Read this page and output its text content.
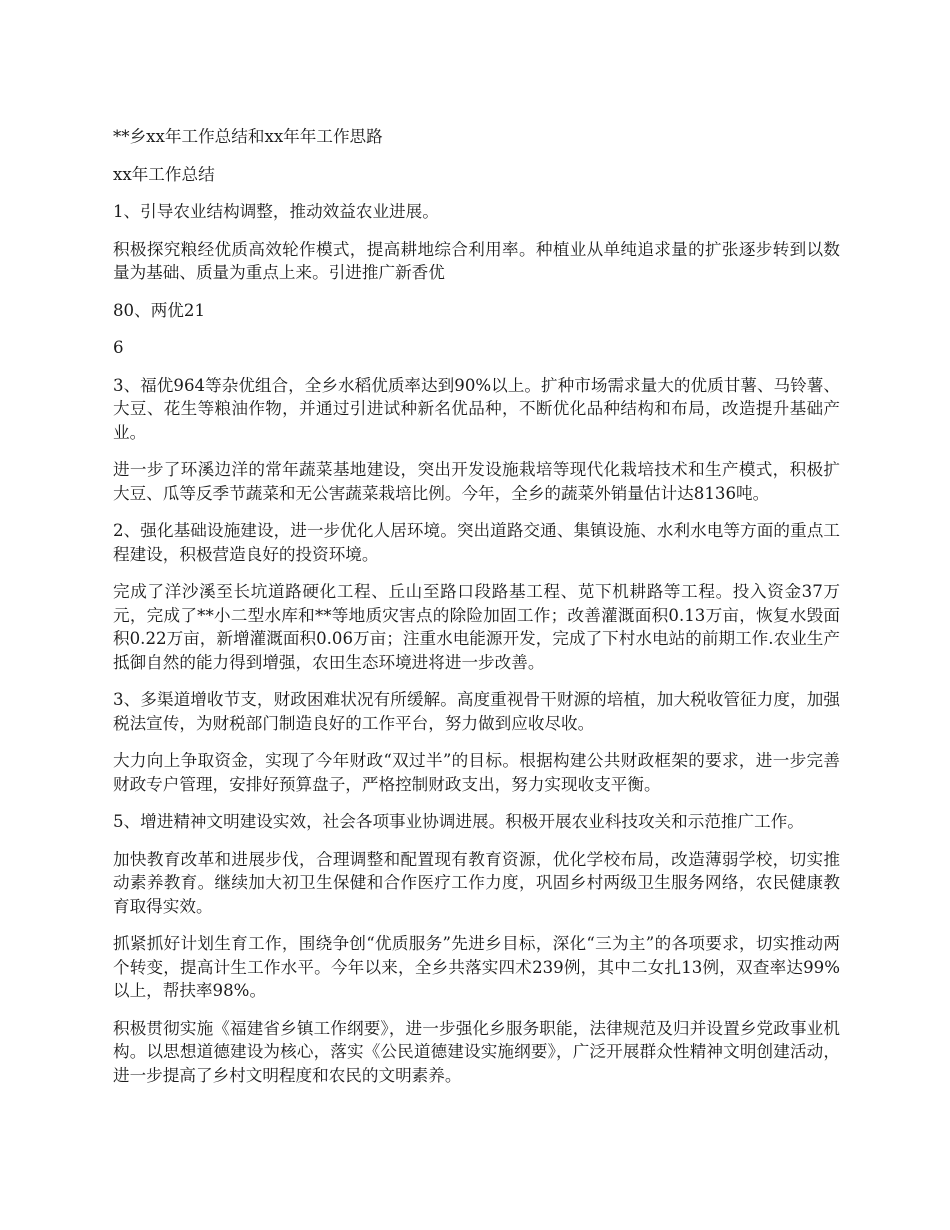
**乡xx年工作总结和xx年年工作思路

xx年工作总结

1、引导农业结构调整，推动效益农业进展。

积极探究粮经优质高效轮作模式，提高耕地综合利用率。种植业从单纯追求量的扩张逐步转到以数量为基础、质量为重点上来。引进推广新香优

80、两优21

6

3、福优964等杂优组合，全乡水稻优质率达到90%以上。扩种市场需求量大的优质甘薯、马铃薯、大豆、花生等粮油作物，并通过引进试种新名优品种，不断优化品种结构和布局，改造提升基础产业。

进一步了环溪边洋的常年蔬菜基地建设，突出开发设施栽培等现代化栽培技术和生产模式，积极扩大豆、瓜等反季节蔬菜和无公害蔬菜栽培比例。今年，全乡的蔬菜外销量估计达8136吨。

2、强化基础设施建设，进一步优化人居环境。突出道路交通、集镇设施、水利水电等方面的重点工程建设，积极营造良好的投资环境。

完成了洋沙溪至长坑道路硬化工程、丘山至路口段路基工程、苋下机耕路等工程。投入资金37万元，完成了**小二型水库和**等地质灾害点的除险加固工作；改善灌溉面积0.13万亩，恢复水毁面积0.22万亩，新增灌溉面积0.06万亩；注重水电能源开发，完成了下村水电站的前期工作.农业生产抵御自然的能力得到增强，农田生态环境进将进一步改善。

3、多渠道增收节支，财政困难状况有所缓解。高度重视骨干财源的培植，加大税收管征力度，加强税法宣传，为财税部门制造良好的工作平台，努力做到应收尽收。

大力向上争取资金，实现了今年财政“双过半”的目标。根据构建公共财政框架的要求，进一步完善财政专户管理，安排好预算盘子，严格控制财政支出，努力实现收支平衡。

5、增进精神文明建设实效，社会各项事业协调进展。积极开展农业科技攻关和示范推广工作。

加快教育改革和进展步伐，合理调整和配置现有教育资源，优化学校布局，改造薄弱学校，切实推动素养教育。继续加大初卫生保健和合作医疗工作力度，巩固乡村两级卫生服务网络，农民健康教育取得实效。

抓紧抓好计划生育工作，围绕争创“优质服务”先进乡目标，深化“三为主”的各项要求，切实推动两个转变，提高计生工作水平。今年以来，全乡共落实四术239例，其中二女扎13例，双查率达99%以上，帮扶率98%。

积极贯彻实施《福建省乡镇工作纲要》，进一步强化乡服务职能，法律规范及归并设置乡党政事业机构。以思想道德建设为核心，落实《公民道德建设实施纲要》，广泛开展群众性精神文明创建活动，进一步提高了乡村文明程度和农民的文明素养。
